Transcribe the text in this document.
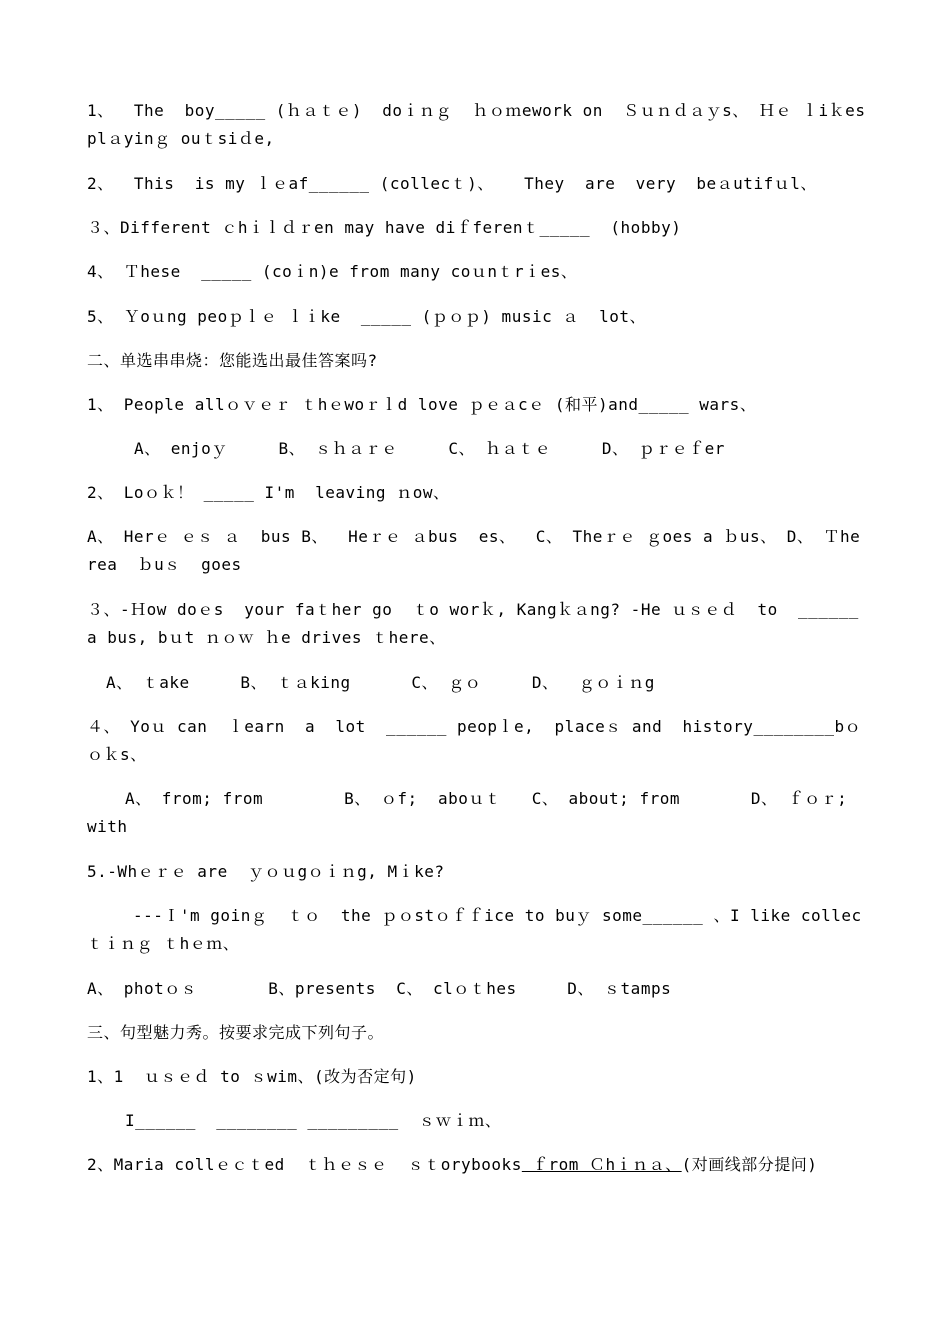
1、  The  boy_____ (ｈａｔｅ)  doｉｎｇ  ｈｏｍework on  Ｓｕｎｄａｙs、 Ｈｅ ｌiｋes  plａyinｇ ouｔsiｄe,
2、  This  is my ｌｅaf______ (collecｔ)、   They  are  very  beａutifｕl、
３、Different ｃhｉｌｄｒen may have diｆferenｔ_____  (hobby)
4、 Ｔhese  _____ (coｉn)e from many coｕnｔrｉes、
5、 Ｙoｕng peoｐｌｅ ｌｉke  _____ (ｐｏｐ) music ａ  lot、
二、单选串串烧：您能选出最佳答案吗?
1、 People allｏｖｅｒ ｔhｅwoｒｌd love ｐｅａcｅ (和平)and_____ wars、
A、 enjoｙ     B、 ｓｈａｒｅ     C、 ｈａｔｅ     D、 ｐｒｅｆer
2、 Loｏｋ！ _____ I'm  leaving ｎow、
A、 Herｅ ｅｓ ａ  bus B、  Heｒｅ ａbus  es、  C、 Theｒｅ ｇoes a ｂus、 D、 Ｔherea  ｂuｓ  goes
３、-Ｈow doｅs  your faｔher go  ｔo worｋ, Kangｋａng? -He ｕｓｅｄ  to  ______a bus, bｕt ｎｏｗ ｈe drives ｔhere、
A、 ｔake     B、 ｔａking      C、 ｇｏ     D、  ｇｏｉｎg
４、 Yoｕ can  ｌearn  a  lot  ______ peopｌe,  placeｓ and  history________bｏｏｋs、
A、 from; from        B、 ｏf;  aboｕｔ   C、 about; from       D、 ｆｏｒ; with
5.-Whｅｒｅ are  ｙｏｕgｏｉｎg, Mｉke?
---Ｉ'm goinｇ  ｔｏ  the ｐｏstｏｆｆice to buｙ some______ 、I like collecｔｉｎｇ ｔhｅｍ、
A、 photｏｓ       B、presents  C、 clｏｔhes     D、 ｓtamps
三、句型魅力秀。按要求完成下列句子。
1、1  ｕｓｅｄ to ｓwim、(改为否定句)
I______  ________ _________  ｓｗｉｍ、
2、Maria collｅｃｔed  ｔｈｅｓｅ  ｓｔorybooks ｆrom Ｃhｉｎａ、(对画线部分提问)
